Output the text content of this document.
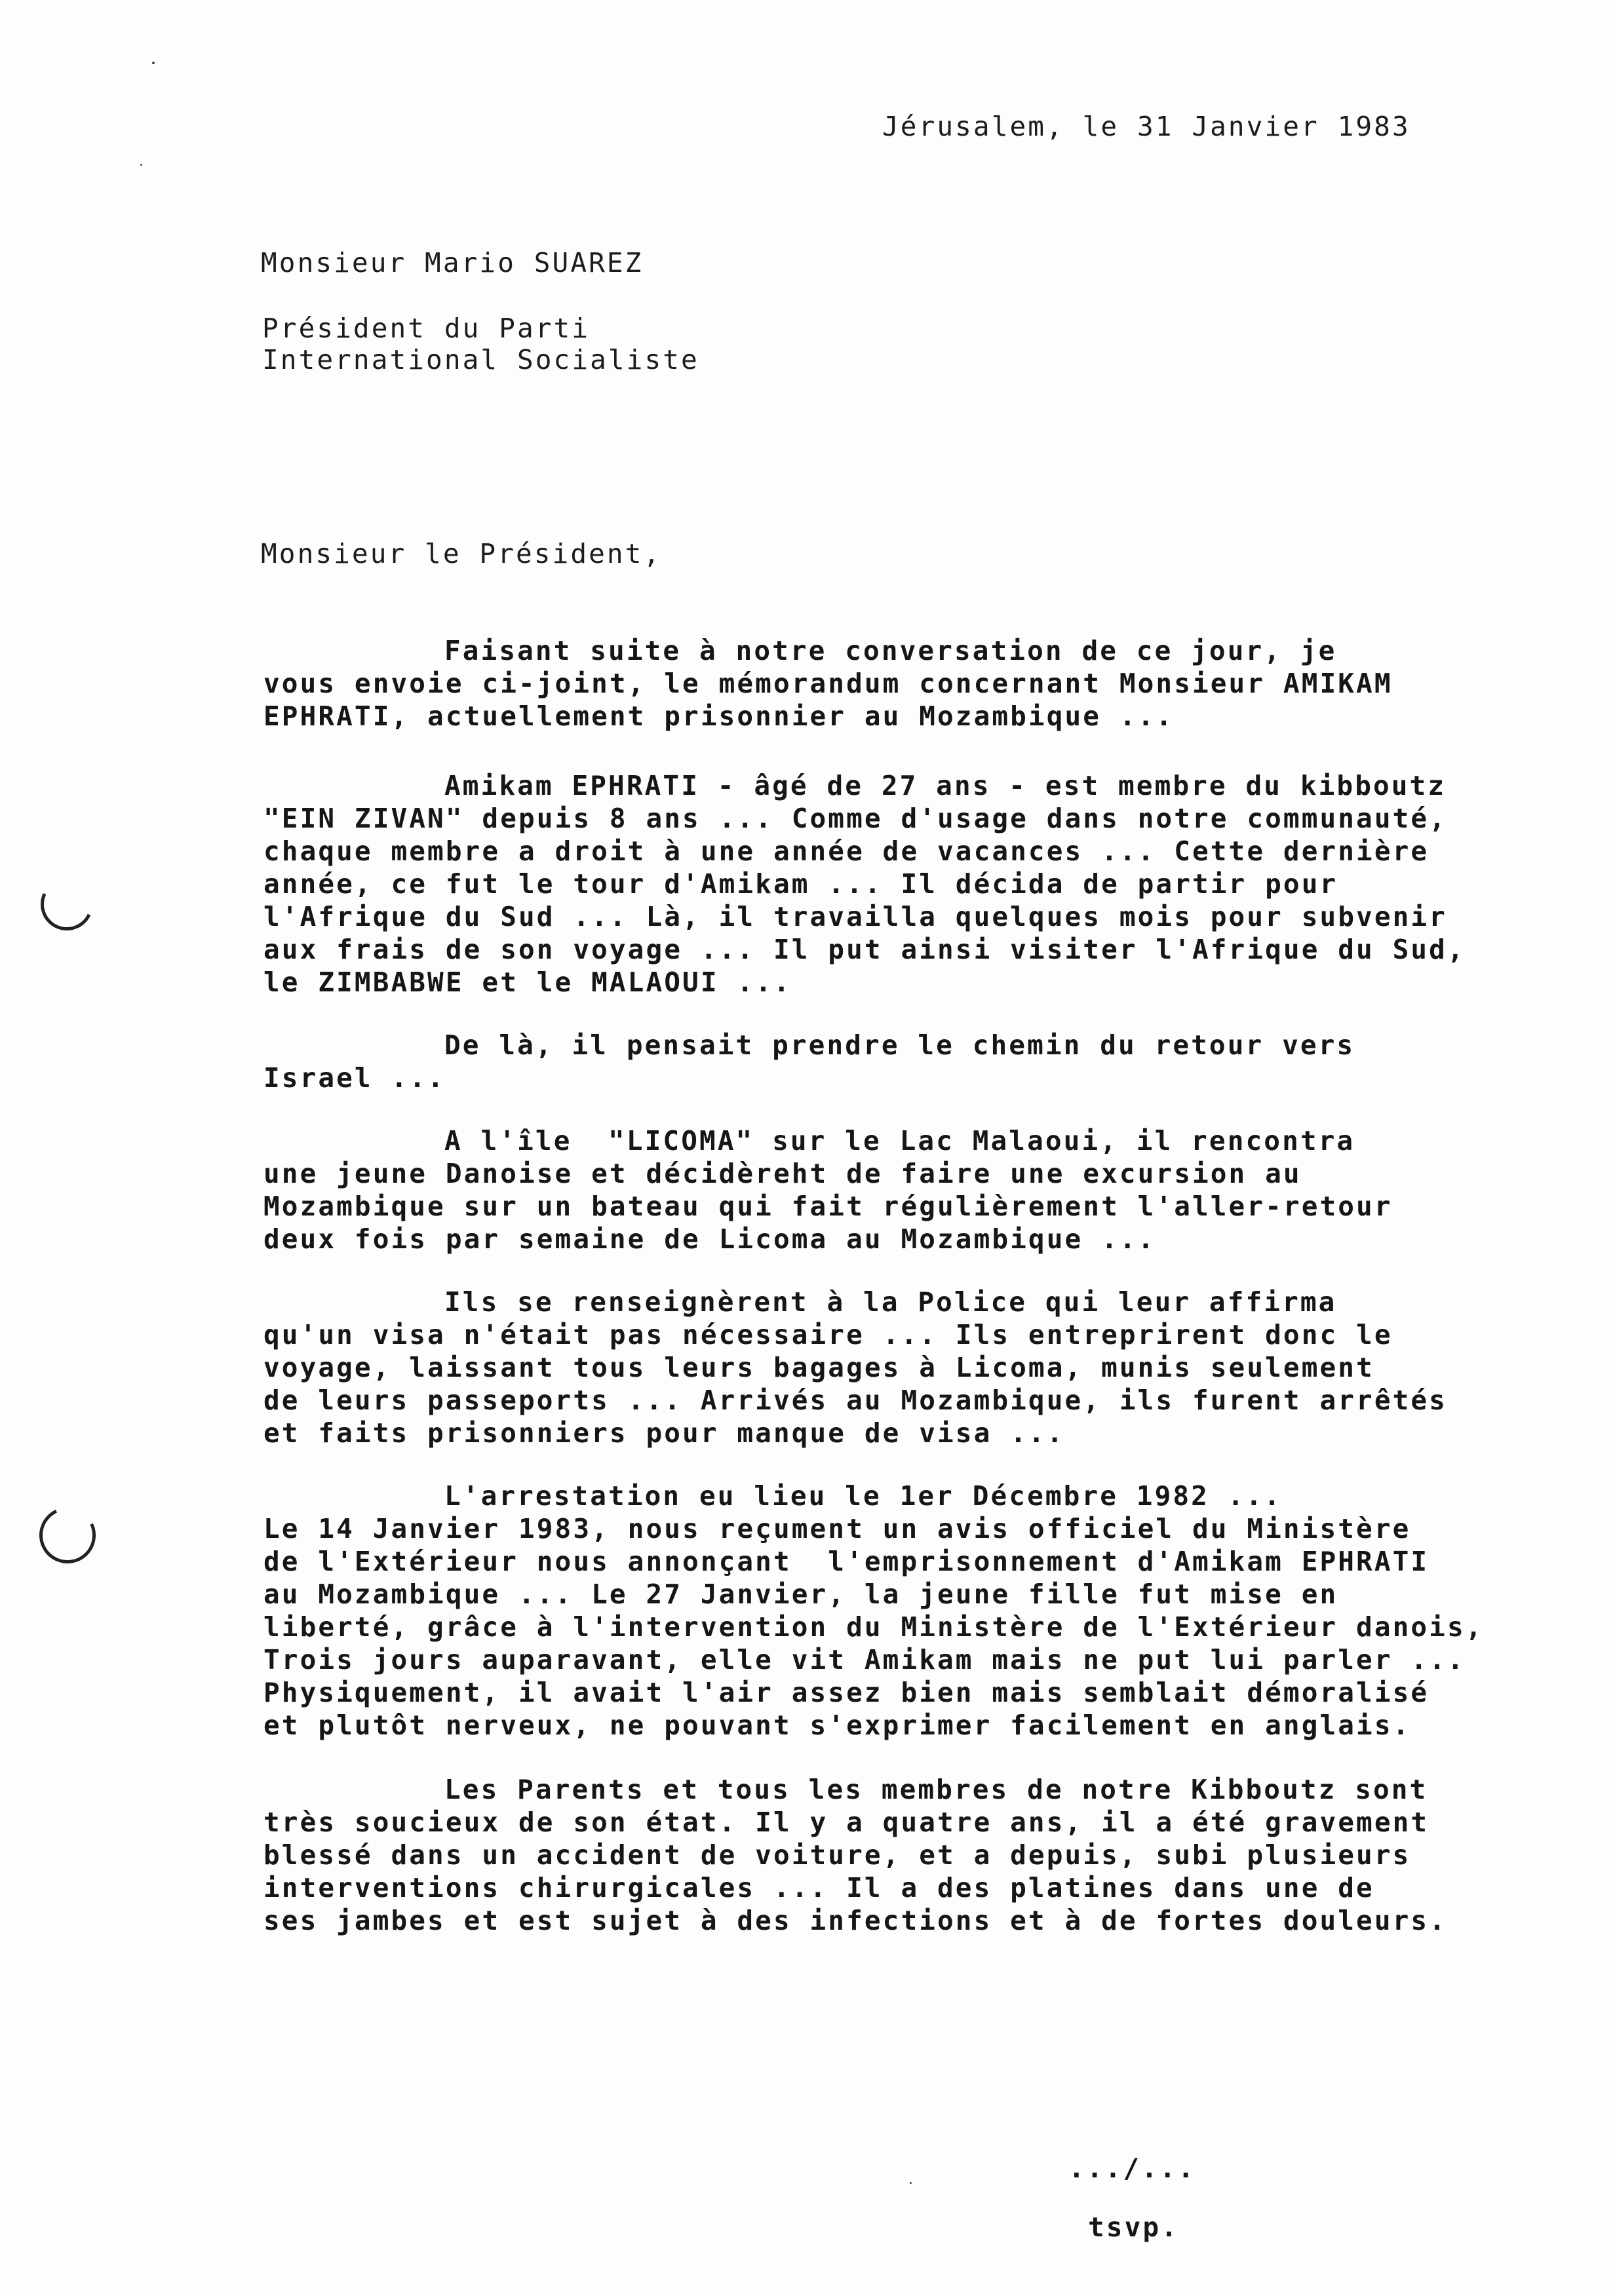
Jérusalem, le 31 Janvier 1983
Monsieur Mario SUAREZ
Président du Parti
International Socialiste
Monsieur le Président,
Faisant suite à notre conversation de ce jour, je
vous envoie ci-joint, le mémorandum concernant Monsieur AMIKAM
EPHRATI, actuellement prisonnier au Mozambique ...
Amikam EPHRATI - âgé de 27 ans - est membre du kibboutz
"EIN ZIVAN" depuis 8 ans ... Comme d'usage dans notre communauté,
chaque membre a droit à une année de vacances ... Cette dernière
année, ce fut le tour d'Amikam ... Il décida de partir pour
l'Afrique du Sud ... Là, il travailla quelques mois pour subvenir
aux frais de son voyage ... Il put ainsi visiter l'Afrique du Sud,
le ZIMBABWE et le MALAOUI ...
De là, il pensait prendre le chemin du retour vers
Israel ...
A l'île  "LICOMA" sur le Lac Malaoui, il rencontra
une jeune Danoise et décidèreht de faire une excursion au
Mozambique sur un bateau qui fait régulièrement l'aller-retour
deux fois par semaine de Licoma au Mozambique ...
Ils se renseignèrent à la Police qui leur affirma
qu'un visa n'était pas nécessaire ... Ils entreprirent donc le
voyage, laissant tous leurs bagages à Licoma, munis seulement
de leurs passeports ... Arrivés au Mozambique, ils furent arrêtés
et faits prisonniers pour manque de visa ...
L'arrestation eu lieu le 1er Décembre 1982 ...
Le 14 Janvier 1983, nous reçument un avis officiel du Ministère
de l'Extérieur nous annonçant  l'emprisonnement d'Amikam EPHRATI
au Mozambique ... Le 27 Janvier, la jeune fille fut mise en
liberté, grâce à l'intervention du Ministère de l'Extérieur danois,
Trois jours auparavant, elle vit Amikam mais ne put lui parler ...
Physiquement, il avait l'air assez bien mais semblait démoralisé
et plutôt nerveux, ne pouvant s'exprimer facilement en anglais.
Les Parents et tous les membres de notre Kibboutz sont
très soucieux de son état. Il y a quatre ans, il a été gravement
blessé dans un accident de voiture, et a depuis, subi plusieurs
interventions chirurgicales ... Il a des platines dans une de
ses jambes et est sujet à des infections et à de fortes douleurs.
.../...
tsvp.
